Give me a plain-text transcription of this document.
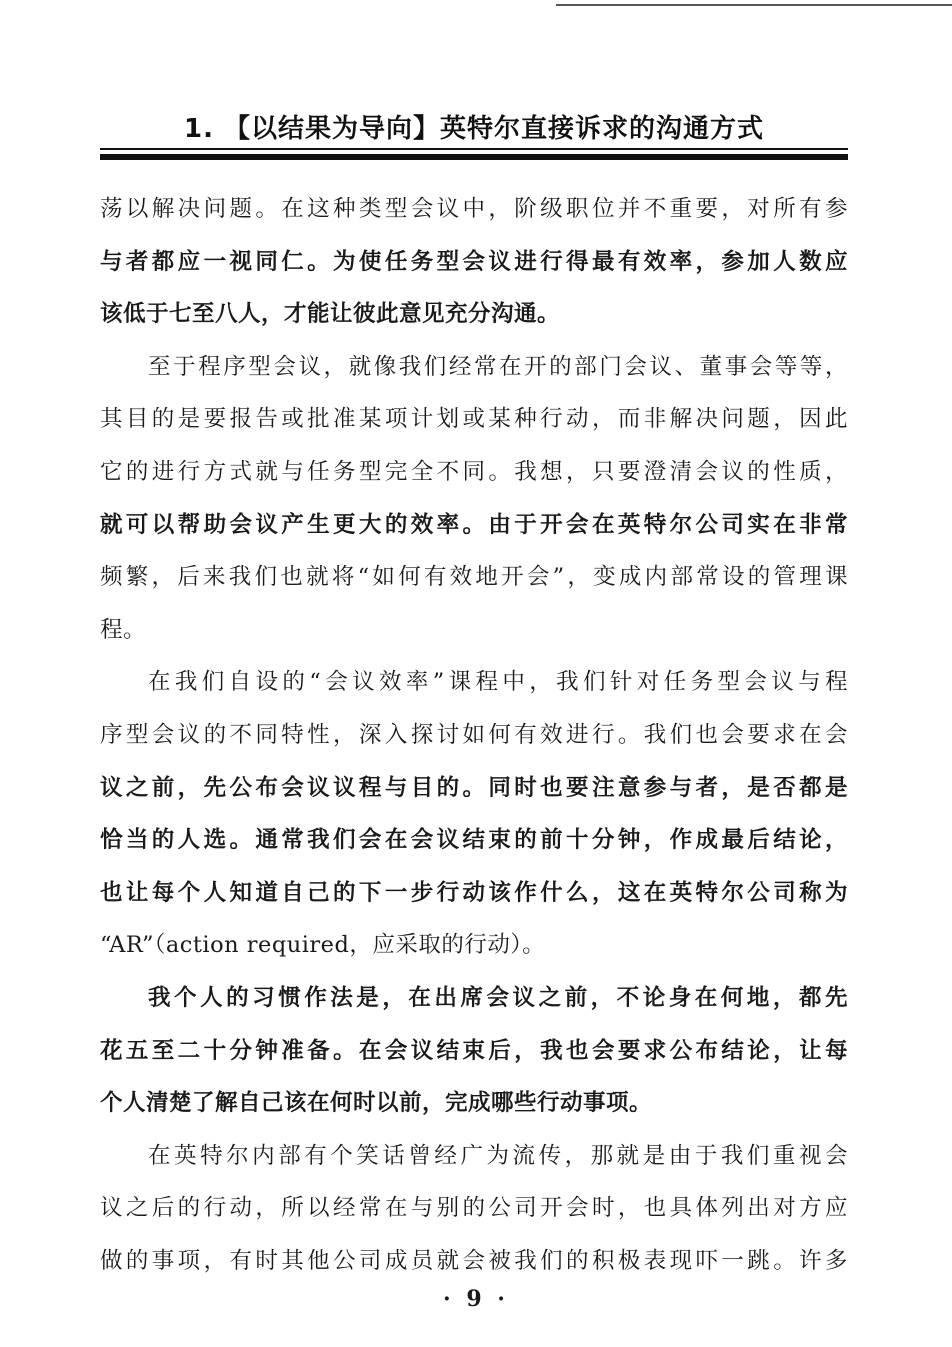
1. 【以结果为导向】英特尔直接诉求的沟通方式
荡以解决问题。在这种类型会议中，阶级职位并不重要，对所有参
与者都应一视同仁。为使任务型会议进行得最有效率，参加人数应
该低于七至八人，才能让彼此意见充分沟通。
至于程序型会议，就像我们经常在开的部门会议、董事会等等，
其目的是要报告或批准某项计划或某种行动，而非解决问题，因此
它的进行方式就与任务型完全不同。我想，只要澄清会议的性质，
就可以帮助会议产生更大的效率。由于开会在英特尔公司实在非常
频繁，后来我们也就将“如何有效地开会”，变成内部常设的管理课
程。
在我们自设的“会议效率”课程中，我们针对任务型会议与程
序型会议的不同特性，深入探讨如何有效进行。我们也会要求在会
议之前，先公布会议议程与目的。同时也要注意参与者，是否都是
恰当的人选。通常我们会在会议结束的前十分钟，作成最后结论，
也让每个人知道自己的下一步行动该作什么，这在英特尔公司称为
“AR”（action required，应采取的行动）。
我个人的习惯作法是，在出席会议之前，不论身在何地，都先
花五至二十分钟准备。在会议结束后，我也会要求公布结论，让每
个人清楚了解自己该在何时以前，完成哪些行动事项。
在英特尔内部有个笑话曾经广为流传，那就是由于我们重视会
议之后的行动，所以经常在与别的公司开会时，也具体列出对方应
做的事项，有时其他公司成员就会被我们的积极表现吓一跳。许多
· 9 ·
